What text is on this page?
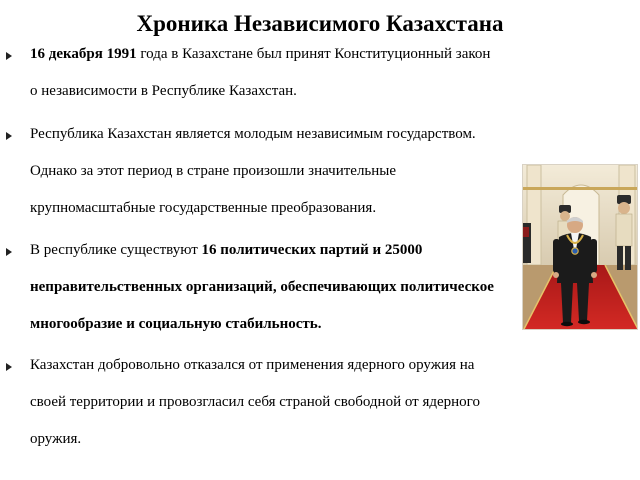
Хроника Независимого Казахстана
16 декабря 1991 года в Казахстане был принят Конституционный закон
о независимости в Республике Казахстан.
Республика Казахстан является молодым независимым государством.
Однако за этот период в стране произошли значительные
крупномасштабные государственные преобразования.
В республике существуют 16 политических партий и 25000
неправительственных организаций, обеспечивающих политическое
многообразие и социальную стабильность.
Казахстан добровольно отказался от применения ядерного оружия на
своей территории и провозгласил себя страной свободной от ядерного
оружия.
